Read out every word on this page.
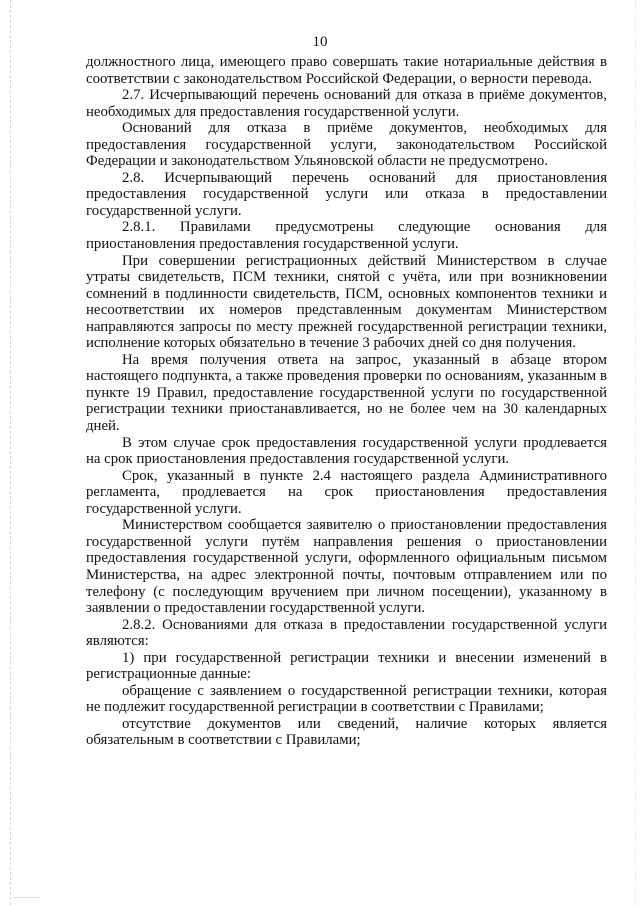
10

должностного лица, имеющего право совершать такие нотариальные действия в соответствии с законодательством Российской Федерации, о верности перевода.

2.7. Исчерпывающий перечень оснований для отказа в приёме документов, необходимых для предоставления государственной услуги.

Оснований для отказа в приёме документов, необходимых для предоставления государственной услуги, законодательством Российской Федерации и законодательством Ульяновской области не предусмотрено.

2.8. Исчерпывающий перечень оснований для приостановления предоставления государственной услуги или отказа в предоставлении государственной услуги.

2.8.1. Правилами предусмотрены следующие основания для приостановления предоставления государственной услуги.

При совершении регистрационных действий Министерством в случае утраты свидетельств, ПСМ техники, снятой с учёта, или при возникновении сомнений в подлинности свидетельств, ПСМ, основных компонентов техники и несоответствии их номеров представленным документам Министерством направляются запросы по месту прежней государственной регистрации техники, исполнение которых обязательно в течение 3 рабочих дней со дня получения.

На время получения ответа на запрос, указанный в абзаце втором настоящего подпункта, а также проведения проверки по основаниям, указанным в пункте 19 Правил, предоставление государственной услуги по государственной регистрации техники приостанавливается, но не более чем на 30 календарных дней.

В этом случае срок предоставления государственной услуги продлевается на срок приостановления предоставления государственной услуги.

Срок, указанный в пункте 2.4 настоящего раздела Административного регламента, продлевается на срок приостановления предоставления государственной услуги.

Министерством сообщается заявителю о приостановлении предоставления государственной услуги путём направления решения о приостановлении предоставления государственной услуги, оформленного официальным письмом Министерства, на адрес электронной почты, почтовым отправлением или по телефону (с последующим вручением при личном посещении), указанному в заявлении о предоставлении государственной услуги.

2.8.2. Основаниями для отказа в предоставлении государственной услуги являются:

1) при государственной регистрации техники и внесении изменений в регистрационные данные:

обращение с заявлением о государственной регистрации техники, которая не подлежит государственной регистрации в соответствии с Правилами;

отсутствие документов или сведений, наличие которых является обязательным в соответствии с Правилами;
